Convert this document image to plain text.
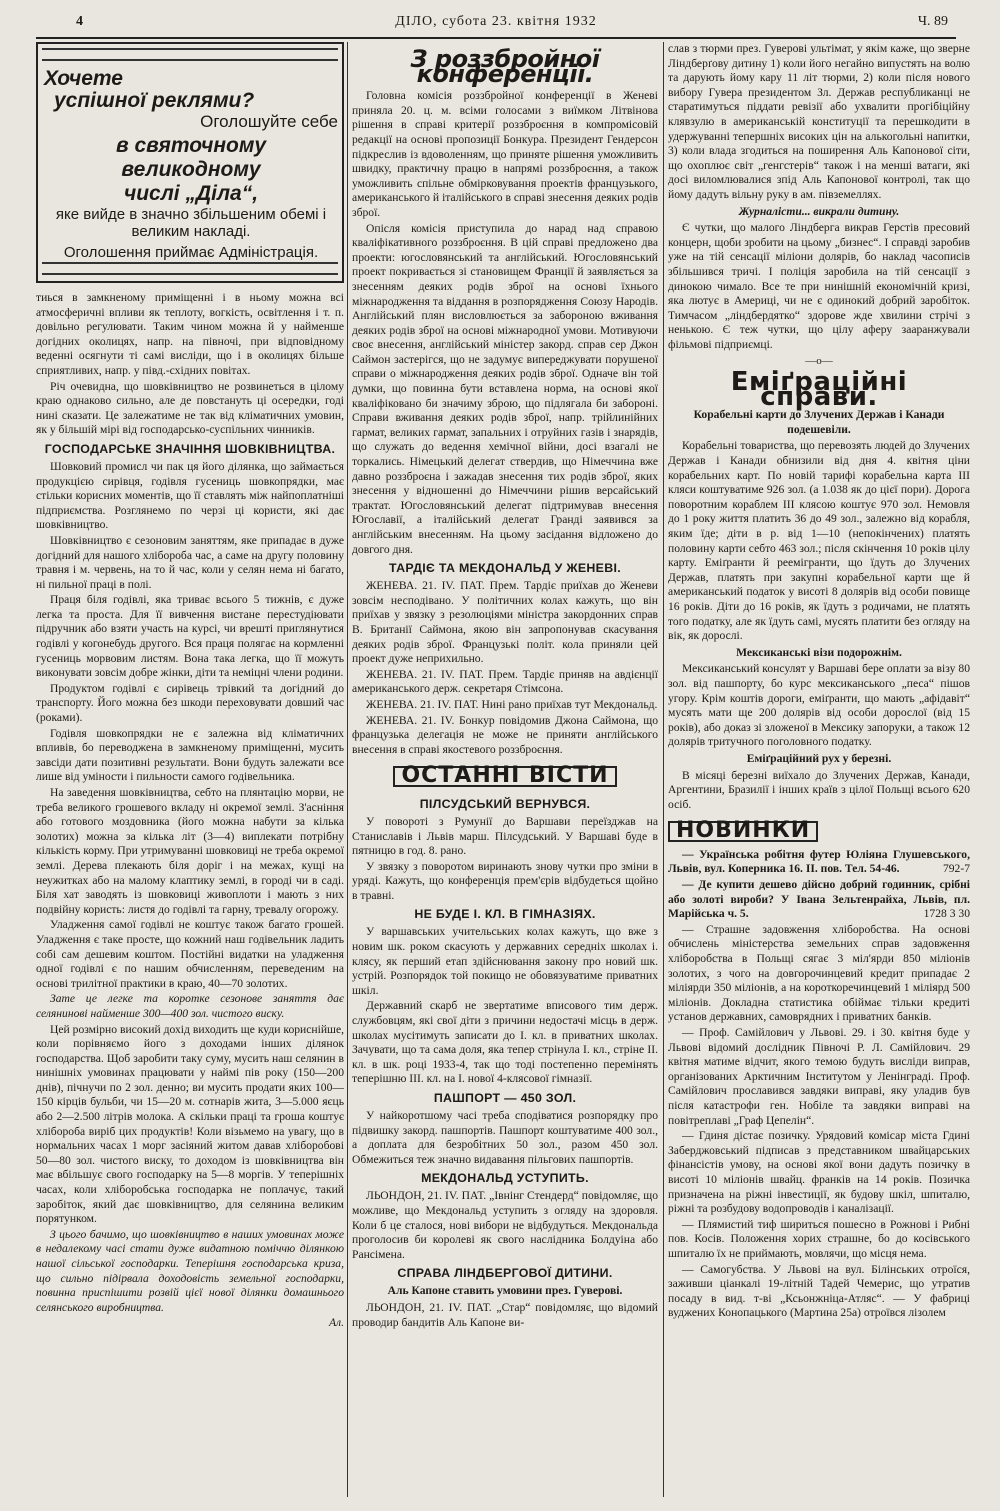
4	ДІЛО, субота 23. квітня 1932	Ч. 89
Хочете
успішної реклями?
Оголошуйте себе
в святочному великодному
числі „Діла“,
яке вийде в значно збільшеним обемі і великим накладі.
Оголошення приймає Адміністрація.

тиься в замкненому приміщенні і в ньому можна всі атмосферичні впливи як теплоту, вогкість, освітлення і т. п. довільно регулювати. Таким чином можна й у найменше догідних околицях, напр. на півночі, при відповідному веденні осягнути ті самі висліди, що і в околицях більше сприятливих, напр. у півд.-східних повітах.

Річ очевидна, що шовківництво не розвинеться в цілому краю однаково сильно, але де повстануть ці осередки, годі нині сказати. Це залежатиме не так від кліматичних умовин, як у більшій мірі від господарсько-суспільних чинників.

ГОСПОДАРСЬКЕ ЗНАЧІННЯ ШОВКІВНИЦТВА.

Шовковий промисл чи пак ця його ділянка, що займається продукцією сирівця, годівля гусениць шовкопрядки, має стільки корисних моментів, що її ставлять між найпоплатніші підприємства. Розглянемо по черзі ці користи, які дає шовківництво.

Шовківництво є сезоновим заняттям, яке припадає в дуже догідний для нашого хліборобa час, а саме на другу половину травня і м. червень, на то й час, коли у селян нема ні багато, ні пильної праці в полі.

Праця біля годівлі, яка триває всього 5 тижнів, є дуже легка та проста. Для її вивчення вистане перестудіювати підручник або взяти участь на курсі, чи врешті приглянутися годівлі у когонебудь другого. Вся праця полягає на кормленні гусениць морвовим листям. Вона така легка, що її можуть виконувати зовсім добре жінки, діти та неміцні члени родини.

Продуктом годівлі є сирівець трівкий та догідний до транспорту. Його можна без шкоди переховувати довший час (роками).

Годівля шовкопрядки не є залежна від кліматичних впливів, бо переводжена в замкненому приміщенні, мусить завсіди дати позитивні результати. Вони будуть залежати все лише від уміности і пильности самого годівельника.

На заведення шовківництва, себто на плянтацію морви, не треба великого грошевого вкладу ні окремої землі. З'асніння або готового моздовника (його можна набути за кілька золотих) можна за кілька літ (3—4) виплекати потрібну кількість корму. При утримуванні шовковиці не треба окремої землі. Дерева плекають біля доріг і на межах, кущі на неужитках або на малому клаптику землі, в городі чи в саді. Біля хат заводять із шовковиці живоплоти і мають з них подвійну користь: листя до годівлі та гарну, тревалу огорожу.

Уладження самої годівлі не коштує також багато грошей. Уладження є таке просте, що кожний наш годівельник ладить собі сам дешевим коштом. Постійні видатки на уладження одної годівлі є по нашим обчисленням, переведеним на основі трилітної практики в краю, 40—70 золотих.

Зате це легке та коротке сезонове заняття дає селянинові найменше 300—400 зол. чистого виску.

Цей розмірно високий дохід виходить ще куди кориснійше, коли порівняємо його з доходами інших ділянок господарства. Щоб заробити таку суму, мусить наш селянин в нинішніх умовинах працювати у наймі пів року (150—200 днів), пічнучи по 2 зол. денно; ви мусить продати яких 100—150 кірців бульби, чи 15—20 м. сотнарів жита, 3—5.000 яєць або 2—2.500 літрів молока. А скільки праці та гроша коштує хлібороба вирiб цих продуктів! Коли візьмемо на увагу, що в нормальних часах 1 морг засіяний житом давав хліборобові 50—80 зол. чистого виску, то доходом із шовківництва він має вбільшує свого господарку на 5—8 моргів. У теперішніх часах, коли хліборобська господарка не поплачує, такий заробіток, який дає шовківництво, для селянина великим порятунком.

З цього бачимо, що шовківництво в наших умовинах може в недалекому часі стати дуже видатною поміччю ділянкою нашої сільської господарки. Теперішня господарська криза, що сильно підірвала доходовість земельної господарки, повинна приспішити розвій цієї нової ділянки домашнього селянського виробництва.

Ал.
З роззбройної конференції.

Головна комісія роззбройної конференції в Женеві приняла 20. ц. м. всіми голосами з виїмком Літвінова рішення в справі критерії роззброєння в компромісовій редакції на основі пропозиції Бонкура. Президент Гендерсон підкреслив із вдоволенням, що приняте рішення уможливить швидку, практичну працю в напрямі роззброєння, а також уможливить спільне обмірковування проектів французького, американського й італійського в справі знесення деяких родів зброї.

Опісля комісія приступила до нарад над справою кваліфікативного роззброєння. В цій справі предложено два проекти: югословянський та англійський. Югословянський проект покривається зі становищем Франції й заявляється за знесенням деяких родів зброї на основі їхнього міжнародження та віддання в розпорядження Союзу Народів. Англійський плян висловлюється за забороною вживання деяких родів зброї на основі міжнародної умови. Мотивуючи своє внесення, англійський міністер закорд. справ сер Джон Саймон застерігся, що не задумує випереджувати порушеної справи о міжнародження деяких родів зброї. Одначе він той думки, що повинна бути вставлена норма, на основі якої кваліфіковано би значиму зброю, що підлягала би забороні. Справи вживання деяких родів зброї, напр. трійлинійних гармат, великих гармат, запальних і отруйних газів і знарядів, що служать до ведення хемічної війни, досі взагалі не торкались. Німецький делегат ствердив, що Німеччина вже давно роззброєна і зажадав знесення тих родів зброї, яких знесення у відношенні до Німеччини рішив версайський трактат. Югословянський делегат підтримував внесення Югославії, а італійський делегат Гранді заявився за англійським внесенням. На цьому засідання відложено до довгого дня.

ТАРДІЄ ТА МЕКДОНАЛЬД У ЖЕНЕВІ.

ЖЕНЕВА. 21. IV. ПАТ. Прем. Тардіє приїхав до Женеви зовсім несподівано. У політичних колах кажуть, що він приїхав у звязку з резолюціями міністра закордонних справ В. Британії Саймона, якою він запропонував скасування деяких родів зброї. Французькі політ. кола приняли цей проект дуже неприхильно.

ЖЕНЕВА. 21. IV. ПАТ. Прем. Тардіє приняв на авдієнції американського держ. секретаря Стімсона.

ЖЕНЕВА. 21. IV. ПАТ. Нині рано приїхав тут Мекдональд.

ЖЕНЕВА. 21. IV. Бонкур повідомив Джона Саймона, що французька делегація не може не приняти англійського внесення в справі якостевого роззброєння.

ОСТАННІ ВІСТИ
ПІЛСУДСЬКИЙ ВЕРНУВСЯ.

У повороті з Румунії до Варшави переїзджав на Станиславів і Львів марш. Пілсудський. У Варшаві буде в пятницю в год. 8. рано.

У звязку з поворотом виринають знову чутки про зміни в уряді. Кажуть, що конференція прем'єрів відбудеться щойно в травні.

НЕ БУДЕ І. КЛ. В ГІМНАЗІЯХ.

У варшавських учительських колах кажуть, що вже з новим шк. роком скасують у державних середніх школах і. клясу, як перший етап здійснювання закону про новий шк. устрій. Розпорядок той покищо не обовязуватиме приватних шкіл.

Державний скарб не звертатиме вписового тим держ. службовцям, які свої діти з причини недостачі місць в держ. школах мусітимуть записати до I. кл. в приватних школах. Зачувати, що та сама доля, яка тепер стрінула I. кл., стріне II. кл. в шк. році 1933-4, так що тоді постепенно перемінять теперішню III. кл. на I. нової 4-клясової гімназії.

ПАШПОРТ — 450 ЗОЛ.

У найкоротшому часі треба сподіватися розпорядку про підвишку закорд. пашпортів. Пашпорт коштуватиме 400 зол., а доплата для безробітних 50 зол., разом 450 зол. Обмежиться теж значно видавання пільгових пашпортів.

МЕКДОНАЛЬД УСТУПИТЬ.

ЛЬОНДОН, 21. IV. ПАТ. „Івнінг Стендерд“ повідомляє, що можливе, що Мекдональд уступить з огляду на здоровля. Коли б це сталося, нові вибори не відбудуться. Мекдональда проголосив би королеві як свого наслідника Болдуіна або Рансімена.

СПРАВА ЛІНДБЕРГОВОЇ ДИТИНИ.
Аль Капоне ставить умовини през. Гуверові.

ЛЬОНДОН, 21. IV. ПАТ. „Стар“ повідомляє, що відомий проводир бандитів Аль Капоне ви-

слав з тюрми през. Гуверові ультімат, у якім каже, що зверне Ліндберґову дитину 1) коли його негайно випустять на волю та дарують йому кару 11 літ тюрми, 2) коли після нового вибору Гувера президентом Зл. Держав республиканці не старатимуться піддати ревізії або ухвалити прогібіційну клявзулю в американській конституції та перешкодити в удержуванні тепершніх високих цін на алькогольні напитки, 3) коли влада згодиться на поширення Аль Капонової сіти, що охоплює світ „генгстерів“ також і на менші ватаги, які досі виломлювалися зпід Аль Капонової контролі, так що йому дадуть вільну руку в ам. півземеллях.

Журналісти... викрали дитину.

Є чутки, що малого Ліндберга викрав Герстів пресовий концерн, щоби зробити на цьому „бизнес“. І справді заробив уже на тій сенсації міліони долярів, бо наклад часописів збільшився тричі. І поліція заробила на тій сенсації з динокою чимало. Все те при нинішній економічній кризі, яка лютує в Америці, чи не є одинокий добрий заробіток. Тимчасом „ліндбердятко“ здорове жде хвилини стрічі з ненькою. Є теж чутки, що цілу аферу зааранжували фільмові підприємці.

—о—
Еміґраційні справи.
Корабельні карти до Злучених Держав і Канади подешевіли.

Корабельні товариства, що перевозять людей до Злучених Держав і Канади обнизили від дня 4. квітня ціни корабельних карт. По новій тарифі корабельна карта ІІІ кляси коштуватиме 926 зол. (а 1.038 як до цієї пори). Дорога поворотним кораблем III клясою коштує 970 зол. Немовля до 1 року життя платить 36 до 49 зол., залежно від корабля, яким їде; діти в р. від 1—10 (непокінчених) платять половину карти себто 463 зол.; після скінчення 10 років цілу карту. Еміґранти й реемігранти, що їдуть до Злучених Держав, платять при закупні корабельної карти ще й американський податок у висоті 8 долярів від особи повище 16 років. Діти до 16 років, як їдуть з родичами, не платять того податку, але як їдуть самі, мусять платити без огляду на вік, як дорослі.

Мексиканські візи подорожнім.

Мексиканський консулят у Варшаві бере оплати за візу 80 зол. від пашпорту, бо курс мексиканського „песа“ пішов угору. Крім коштів дороги, еміґранти, що мають „афідавіт“ мусять мати ще 200 долярів від особи дорослої (від 15 років), або доказ зі зложеної в Мексику запоруки, а також 12 долярів тритучного поголовного податку.

Еміґраційний рух у березні.

В місяці березні виїхало до Злучених Держав, Канади, Аргентини, Бразилії і інших країв з цілої Польщі всього 620 осіб.

НОВИНКИ

— Українська робітня футер Юліяна Глушевського, Львів, вул. Коперника 16. II. пов. Тел. 54-46.	792-7

— Де купити дешево дійсно добрий годинник, срібні або золоті вироби? У Івана Зельтенрайха, Львів, пл. Марійська ч. 5.	1728 3 30

— Страшне задовження хліборобства. На основі обчислень міністерства земельних справ задовження хліборобства в Польщі сягає 3 міл'ярди 850 міліонів золотих, з чого на довгорочинцевий кредит припадає 2 міліярди 350 міліонів, а на короткоречинцевий 1 міліярд 500 міліонів. Докладна статистика обіймає тільки кредиті установ державних, самоврядних і приватних банків.

— Проф. Самійлович у Львові. 29. і 30. квітня буде у Львові відомий дослідник Півночі Р. Л. Самійлович. 29 квітня матиме відчит, якого темою будуть висліди виправ, організованих Арктичним Інститутом у Ленінграді. Проф. Самійлович прославився завдяки виправі, яку уладив був після катастрофи ген. Нобіле та завдяки виправі на повітреплаві „Граф Цепелін“.

— Гдиня дістає позичку. Урядовий комісар міста Гдині Заберджовський підписав з представником швайцарських фінансістів умову, на основі якої вони дадуть позичку в висоті 10 міліонів швайц. франків на 14 років. Позичка призначена на ріжні інвестиції, як будову шкіл, шпиталю, ріжні та розбудову водопроводів і каналізації.

— Плямистий тиф шириться пошесно в Рожнові і Рибні пов. Косів. Положення хорих страшне, бо до косівського шпиталю їх не приймають, мовлячи, що місця нема.

— Самогубства. У Львові на вул. Білінських отроїся, заживши ціанкалі 19-літній Тадей Чемерис, що утратив посаду в вид. т-ві „Ксьонжніца-Атляс“. — У фабриці вуджених Конопацького (Мартина 25а) отроївся лізолем
